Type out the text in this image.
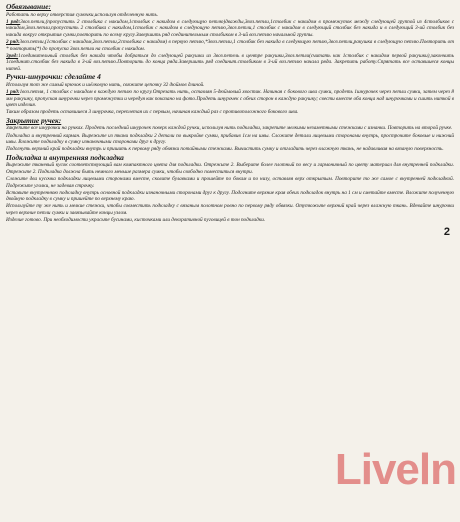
Обвязывание:

Работать по верху отверстия сумочки,используя отделенную нить.

1 ряд:3воз.петли,(пропустить 2 столбика с накидом,1столбик с накидом в следующую петлю)дважды,3воз.петли,1столбик с накидом в промежуток между следующей группой из 4столбиков с накидом,3воз.петли,пропустить 2 столбика с накидом,1столбик с накидом в следующую петлю,3воз.петли,1 столбик с накидом в следующий столбик без накида и в следующий 3-ий столбик без накида вокруг открытия сумки,повторить по всему кругу.Завершить ряд соединительным столбиком в 3-ий воз.петлю начальной группы.

2 ряд:3воз.петли,(1столбик с накидом,2воз.петли,2столбика с накидом) в первую петлю,*3воз.петли,1 столбик без накида в следующую петлю,3воз.петли,ракушка в следующую петлю.Повторить от * повторить(*) до пропуска 3воз.петли на столбик с накидом.

3ряд:1соединительный столбик без накида чтобы добраться до следующей ракушки из 3воз.петель в центре ракушки,3воз.петли(считать как 1столбик с накидом первой ракушки),закончить 1соединит.столбик без накида в 3-ий воз.петлю.Повторить до конца ряда.Завершить ряд соединит.столбиком в 3-ий воз.петлю начала ряда. Закрепить работу.Спрятать все оставшиеся концы нитей.

Ручки-шнурочки: сделайте 4

Используя тот же самый крючок и шёлковую нить, свяжите цепочку 32 дюймов длиной.

1 ряд:1воз.петля, 1 столбик с накидом в каждую петлю по кругу.Отрезать нить, оставляя 5-дюймовый хвостик. Начиная с бокового шва сумки, продеть 1шнурочек через петли сумки, затем через 8 мм ракушку, пропуская шнурочки через промежутки и чередуя как показано на фото.Продеть шнурочек с обеих сторон в каждую ракушку; свести вместе оба конца над шнурочками и сшить ниткой в цвет изделия.

Таким образом продеть оставшиеся 3 шнурочка, переплетая их с первым, начиная каждый раз с противоположного бокового шва.

Закрытие ручек:

Закрепите все шнурочки на ручках. Продеть последний шнурочек поверх каждой ручки, используя нить подкладки, закрепите мелкими незаметными стежками с изнанки. Повторить на второй ручке.

Подкладка и внутренний карман. Вырежьте из ткани подкладки 2 детали по выкройке сумки, прибавив 1см на швы. Сложите детали лицевыми сторонами внутрь, прострочите боковые и нижний швы. Вложите подкладку в сумку изнаночными сторонами друг к другу.

Подогнуть верхний край подкладки внутрь и пришить к первому ряду обвязки потайными стежками. Вычистить сумку и отгладить через влажную ткань, не надавливая на вязаную поверхность.

Подкладка и внутренняя подкладка

Вырежьте тканевый кусок соответствующий вам компактного цвета для подкладки. Отрежьте 2. Выберите более плотный по весу и гармоничный по цвету материал для внутренней подкладки. Отрежьте 2. Подкладка должна быть немного меньше размера сумки, чтобы свободно поместиться внутри.

Сложите два кусочка подкладки лицевыми сторонами вместе, сколите булавками и прошейте по бокам и по низу, оставляя верх открытым. Повторите то же самое с внутренней подкладкой. Подрежьте уголки, не задевая строчку.

Вставьте внутреннюю подкладку внутрь основной подкладки изнаночными сторонами друг к другу. Подогните верхние края обеих подкладок внутрь на 1 см и сметайте вместе. Вложите полученную двойную подкладку в сумку и пришейте по верхнему краю.

Используйте ту же нить и мелкие стежки, чтобы совместить подкладку с вязаным полотном ровно по первому ряду обвязки. Отутюжьте верхний край через влажную ткань. Вдевайте шнурочки через верхние петли сумки и завязывайте концы узлом.

Изделие готово. При необходимости украсьте бусинами, кисточками или декоративной пуговицей в тон подкладки.

2
Liveln
